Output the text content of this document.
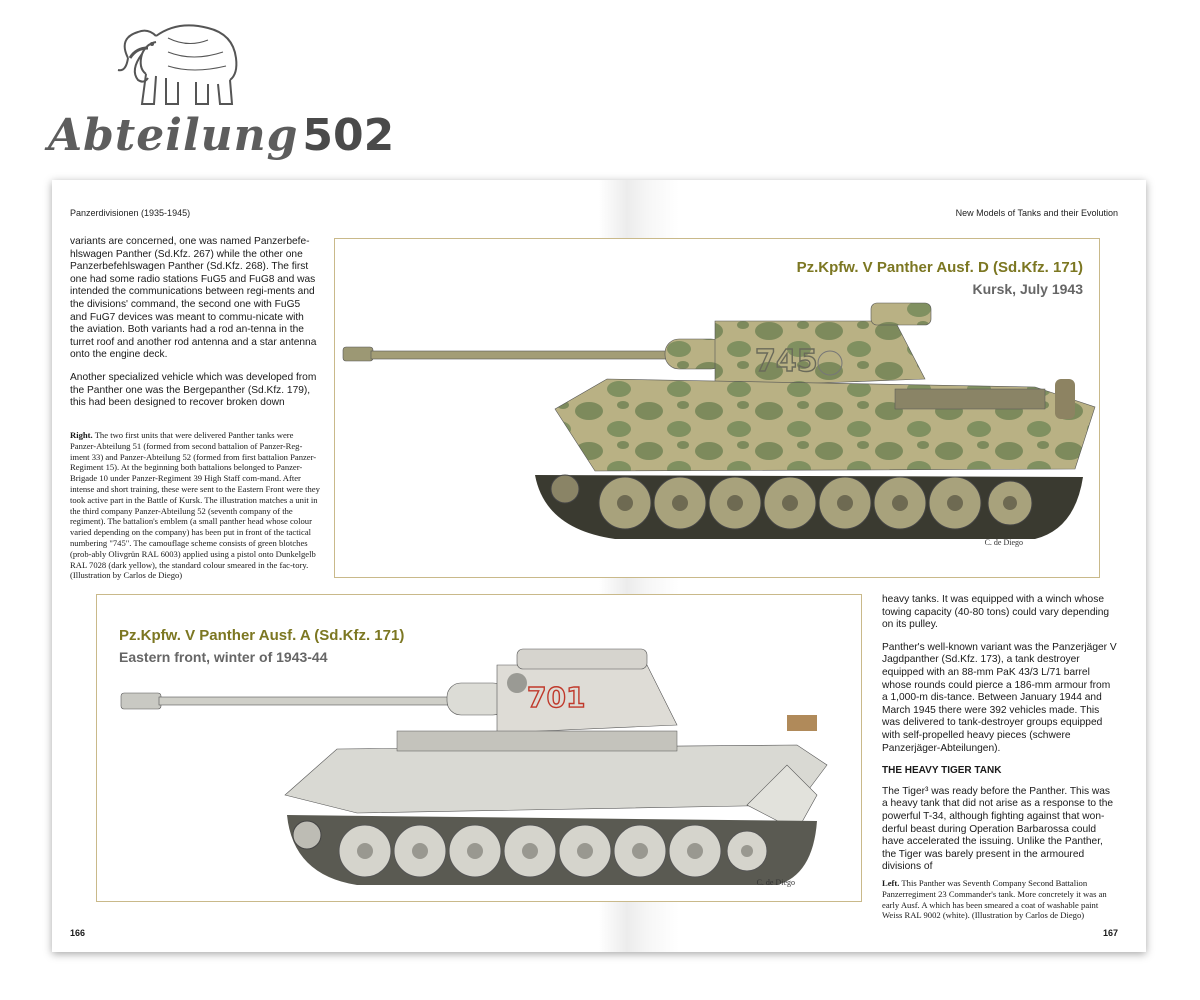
Abteilung502
Panzerdivisionen (1935-1945)	New Models of Tanks and their Evolution

variants are concerned, one was named Panzerbefe-hlswagen Panther (Sd.Kfz. 267) while the other one Panzerbefehlswagen Panther (Sd.Kfz. 268). The first one had some radio stations FuG5 and FuG8 and was intended the communications between regi-ments and the divisions' command, the second one with FuG5 and FuG7 devices was meant to commu-nicate with the aviation. Both variants had a rod an-tenna in the turret roof and another rod antenna and a star antenna onto the engine deck.

Another specialized vehicle which was developed from the Panther one was the Bergepanther (Sd.Kfz. 179), this had been designed to recover broken down

Right. The two first units that were delivered Panther tanks were Panzer-Abteilung 51 (formed from second battalion of Panzer-Reg-iment 33) and Panzer-Abteilung 52 (formed from first battalion Panzer-Regiment 15). At the beginning both battalions belonged to Panzer-Brigade 10 under Panzer-Regiment 39 High Staff com-mand. After intense and short training, these were sent to the Eastern Front were they took active part in the Battle of Kursk. The illustration matches a unit in the third company Panzer-Abteilung 52 (seventh company of the regiment). The battalion's emblem (a small panther head whose colour varied depending on the company) has been put in front of the tactical numbering "745". The camouflage scheme consists of green blotches (prob-ably Olivgrün RAL 6003) applied using a pistol onto Dunkelgelb RAL 7028 (dark yellow), the standard colour smeared in the fac-tory. (Illustration by Carlos de Diego)
Pz.Kpfw. V Panther Ausf. D (Sd.Kfz. 171)
Kursk, July 1943
745
C. de Diego
Pz.Kpfw. V Panther Ausf. A (Sd.Kfz. 171)
Eastern front, winter of 1943-44
701
C. de Diego

heavy tanks. It was equipped with a winch whose towing capacity (40-80 tons) could vary depending on its pulley.

Panther's well-known variant was the Panzerjäger V Jagdpanther (Sd.Kfz. 173), a tank destroyer equipped with an 88-mm PaK 43/3 L/71 barrel whose rounds could pierce a 186-mm armour from a 1,000-m dis-tance. Between January 1944 and March 1945 there were 392 vehicles made. This was delivered to tank-destroyer groups equipped with self-propelled heavy pieces (schwere Panzerjäger-Abteilungen).

THE HEAVY TIGER TANK

The Tiger³ was ready before the Panther. This was a heavy tank that did not arise as a response to the powerful T-34, although fighting against that won-derful beast during Operation Barbarossa could have accelerated the issuing. Unlike the Panther, the Tiger was barely present in the armoured divisions of

Left. This Panther was Seventh Company Second Battalion Panzerregiment 23 Commander's tank. More concretely it was an early Ausf. A which has been smeared a coat of washable paint Weiss RAL 9002 (white). (Illustration by Carlos de Diego)
166	167
